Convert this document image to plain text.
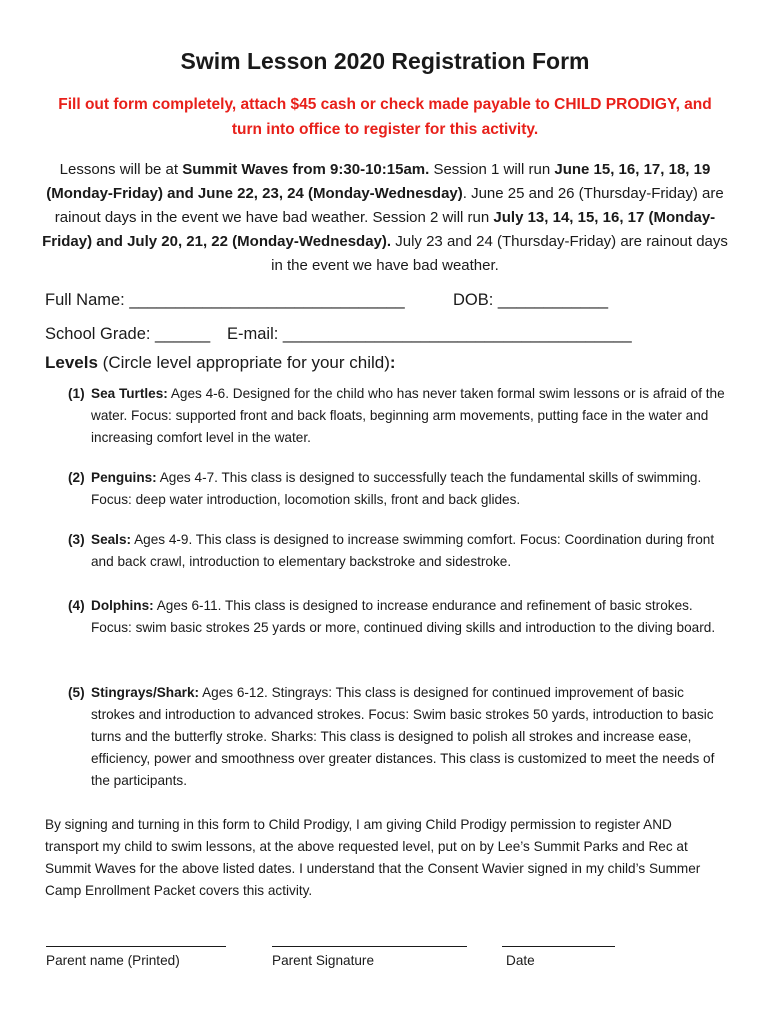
Swim Lesson 2020 Registration Form
Fill out form completely, attach $45 cash or check made payable to CHILD PRODIGY, and
turn into office to register for this activity.
Lessons will be at Summit Waves from 9:30-10:15am. Session 1 will run June 15, 16, 17, 18, 19 (Monday-Friday) and June 22, 23, 24 (Monday-Wednesday). June 25 and 26 (Thursday-Friday) are rainout days in the event we have bad weather. Session 2 will run July 13, 14, 15, 16, 17 (Monday-Friday) and July 20, 21, 22 (Monday-Wednesday). July 23 and 24 (Thursday-Friday) are rainout days in the event we have bad weather.
Full Name: ______________________________	DOB: ____________
School Grade: ______ E-mail: ______________________________________
Levels (Circle level appropriate for your child):
(1) Sea Turtles: Ages 4-6. Designed for the child who has never taken formal swim lessons or is afraid of the water. Focus: supported front and back floats, beginning arm movements, putting face in the water and increasing comfort level in the water.
(2) Penguins: Ages 4-7. This class is designed to successfully teach the fundamental skills of swimming. Focus: deep water introduction, locomotion skills, front and back glides.
(3) Seals: Ages 4-9. This class is designed to increase swimming comfort. Focus: Coordination during front and back crawl, introduction to elementary backstroke and sidestroke.
(4) Dolphins: Ages 6-11. This class is designed to increase endurance and refinement of basic strokes. Focus: swim basic strokes 25 yards or more, continued diving skills and introduction to the diving board.
(5) Stingrays/Shark: Ages 6-12. Stingrays: This class is designed for continued improvement of basic strokes and introduction to advanced strokes. Focus: Swim basic strokes 50 yards, introduction to basic turns and the butterfly stroke. Sharks: This class is designed to polish all strokes and increase ease, efficiency, power and smoothness over greater distances. This class is customized to meet the needs of the participants.
By signing and turning in this form to Child Prodigy, I am giving Child Prodigy permission to register AND transport my child to swim lessons, at the above requested level, put on by Lee’s Summit Parks and Rec at Summit Waves for the above listed dates. I understand that the Consent Wavier signed in my child’s Summer Camp Enrollment Packet covers this activity.
Parent name (Printed)	Parent Signature	Date
